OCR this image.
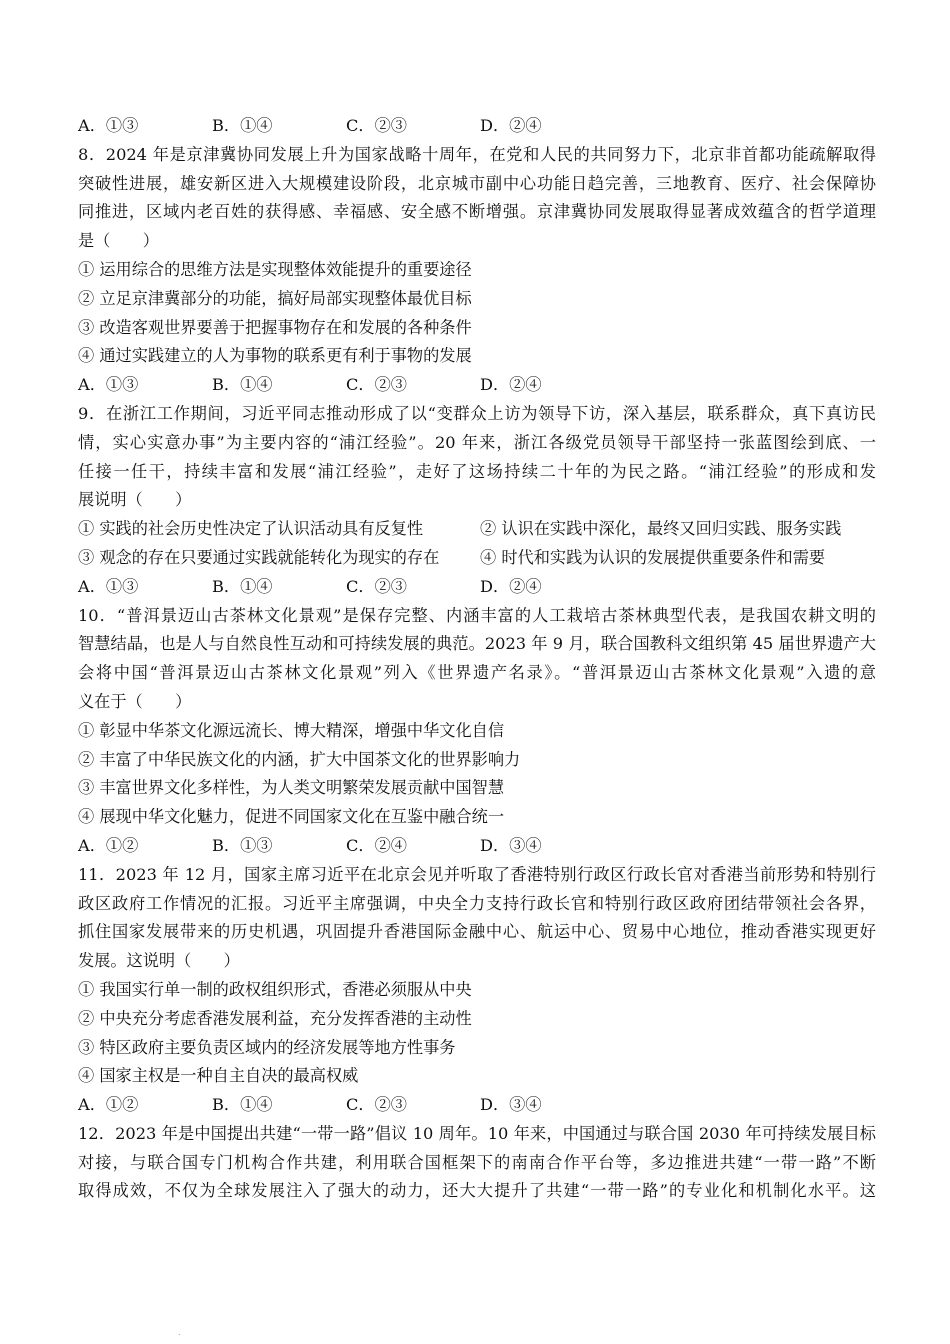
A．①③	B．①④	C．②③	D．②④
8．2024 年是京津冀协同发展上升为国家战略十周年，在党和人民的共同努力下，北京非首都功能疏解取得
突破性进展，雄安新区进入大规模建设阶段，北京城市副中心功能日趋完善，三地教育、医疗、社会保障协
同推进，区域内老百姓的获得感、幸福感、安全感不断增强。京津冀协同发展取得显著成效蕴含的哲学道理
是（　　）
① 运用综合的思维方法是实现整体效能提升的重要途径
② 立足京津冀部分的功能，搞好局部实现整体最优目标
③ 改造客观世界要善于把握事物存在和发展的各种条件
④ 通过实践建立的人为事物的联系更有利于事物的发展
A．①③	B．①④	C．②③	D．②④
9．在浙江工作期间，习近平同志推动形成了以“变群众上访为领导下访，深入基层，联系群众，真下真访民
情，实心实意办事”为主要内容的“浦江经验”。20 年来，浙江各级党员领导干部坚持一张蓝图绘到底、一
任接一任干，持续丰富和发展“浦江经验”，走好了这场持续二十年的为民之路。“浦江经验”的形成和发
展说明（　　）
① 实践的社会历史性决定了认识活动具有反复性	② 认识在实践中深化，最终又回归实践、服务实践
③ 观念的存在只要通过实践就能转化为现实的存在	④ 时代和实践为认识的发展提供重要条件和需要
A．①③	B．①④	C．②③	D．②④
10．“普洱景迈山古茶林文化景观”是保存完整、内涵丰富的人工栽培古茶林典型代表，是我国农耕文明的
智慧结晶，也是人与自然良性互动和可持续发展的典范。2023 年 9 月，联合国教科文组织第 45 届世界遗产大
会将中国“普洱景迈山古茶林文化景观”列入《世界遗产名录》。“普洱景迈山古茶林文化景观”入遗的意
义在于（　　）
① 彰显中华茶文化源远流长、博大精深，增强中华文化自信
② 丰富了中华民族文化的内涵，扩大中国茶文化的世界影响力
③ 丰富世界文化多样性，为人类文明繁荣发展贡献中国智慧
④ 展现中华文化魅力，促进不同国家文化在互鉴中融合统一
A．①②	B．①③	C．②④	D．③④
11．2023 年 12 月，国家主席习近平在北京会见并听取了香港特别行政区行政长官对香港当前形势和特别行
政区政府工作情况的汇报。习近平主席强调，中央全力支持行政长官和特别行政区政府团结带领社会各界，
抓住国家发展带来的历史机遇，巩固提升香港国际金融中心、航运中心、贸易中心地位，推动香港实现更好
发展。这说明（　　）
① 我国实行单一制的政权组织形式，香港必须服从中央
② 中央充分考虑香港发展利益，充分发挥香港的主动性
③ 特区政府主要负责区域内的经济发展等地方性事务
④ 国家主权是一种自主自决的最高权威
A．①②	B．①④	C．②③	D．③④
12．2023 年是中国提出共建“一带一路”倡议 10 周年。10 年来，中国通过与联合国 2030 年可持续发展目标
对接，与联合国专门机构合作共建，利用联合国框架下的南南合作平台等，多边推进共建“一带一路”不断
取得成效，不仅为全球发展注入了强大的动力，还大大提升了共建“一带一路”的专业化和机制化水平。这
.
